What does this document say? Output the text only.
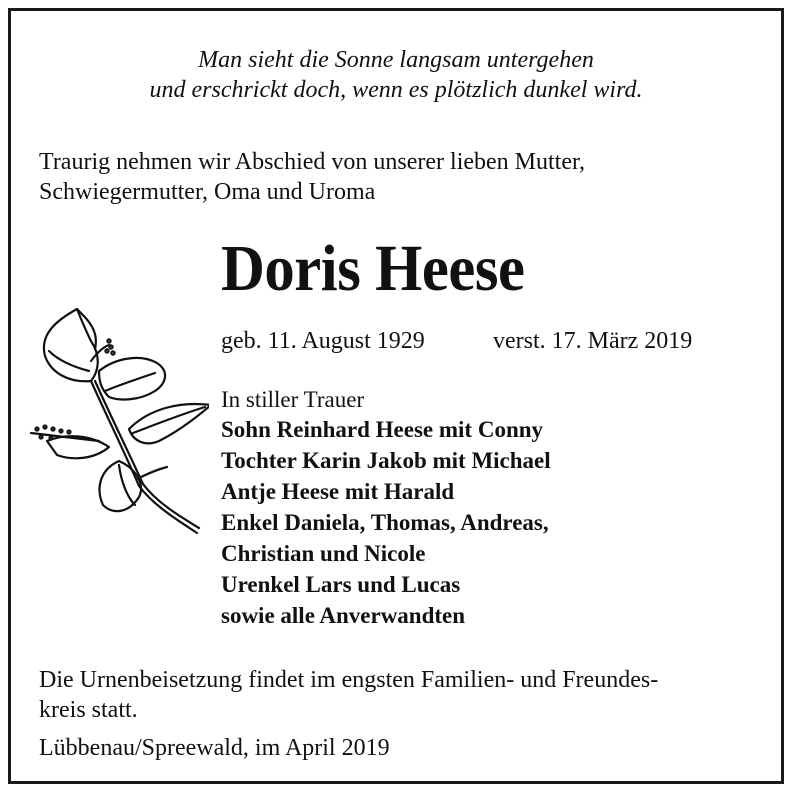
Man sieht die Sonne langsam untergehen
und erschrickt doch, wenn es plötzlich dunkel wird.
Traurig nehmen wir Abschied von unserer lieben Mutter,
Schwiegermutter, Oma und Uroma
Doris Heese
geb. 11. August 1929	verst. 17. März 2019
In stiller Trauer
Sohn Reinhard Heese mit Conny
Tochter Karin Jakob mit Michael
Antje Heese mit Harald
Enkel Daniela, Thomas, Andreas,
Christian und Nicole
Urenkel Lars und Lucas
sowie alle Anverwandten
Die Urnenbeisetzung findet im engsten Familien- und Freundes-
kreis statt.
Lübbenau/Spreewald, im April 2019
